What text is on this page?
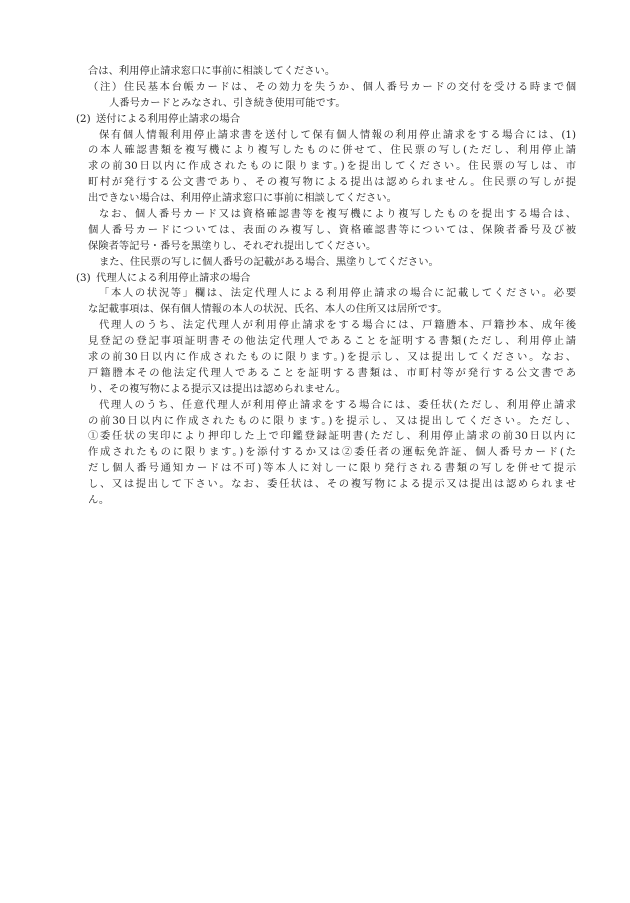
合は、利用停止請求窓口に事前に相談してください。
（注）住民基本台帳カードは、その効力を失うか、個人番号カードの交付を受ける時まで個
人番号カードとみなされ、引き続き使用可能です。
(2) 送付による利用停止請求の場合
保有個人情報利用停止請求書を送付して保有個人情報の利用停止請求をする場合には、(1)
の本人確認書類を複写機により複写したものに併せて、住民票の写し(ただし、利用停止請
求の前30日以内に作成されたものに限ります。)を提出してください。住民票の写しは、市
町村が発行する公文書であり、その複写物による提出は認められません。住民票の写しが提
出できない場合は、利用停止請求窓口に事前に相談してください。
なお、個人番号カード又は資格確認書等を複写機により複写したものを提出する場合は、
個人番号カードについては、表面のみ複写し、資格確認書等については、保険者番号及び被
保険者等記号・番号を黒塗りし、それぞれ提出してください。
また、住民票の写しに個人番号の記載がある場合、黒塗りしてください。
(3) 代理人による利用停止請求の場合
「本人の状況等」欄は、法定代理人による利用停止請求の場合に記載してください。必要
な記載事項は、保有個人情報の本人の状況、氏名、本人の住所又は居所です。
代理人のうち、法定代理人が利用停止請求をする場合には、戸籍謄本、戸籍抄本、成年後
見登記の登記事項証明書その他法定代理人であることを証明する書類(ただし、利用停止請
求の前30日以内に作成されたものに限ります。)を提示し、又は提出してください。なお、
戸籍謄本その他法定代理人であることを証明する書類は、市町村等が発行する公文書であ
り、その複写物による提示又は提出は認められません。
代理人のうち、任意代理人が利用停止請求をする場合には、委任状(ただし、利用停止請求
の前30日以内に作成されたものに限ります。)を提示し、又は提出してください。ただし、
①委任状の実印により押印した上で印鑑登録証明書(ただし、利用停止請求の前30日以内に
作成されたものに限ります。)を添付するか又は②委任者の運転免許証、個人番号カード(た
だし個人番号通知カードは不可)等本人に対し一に限り発行される書類の写しを併せて提示
し、又は提出して下さい。なお、委任状は、その複写物による提示又は提出は認められませ
ん。
